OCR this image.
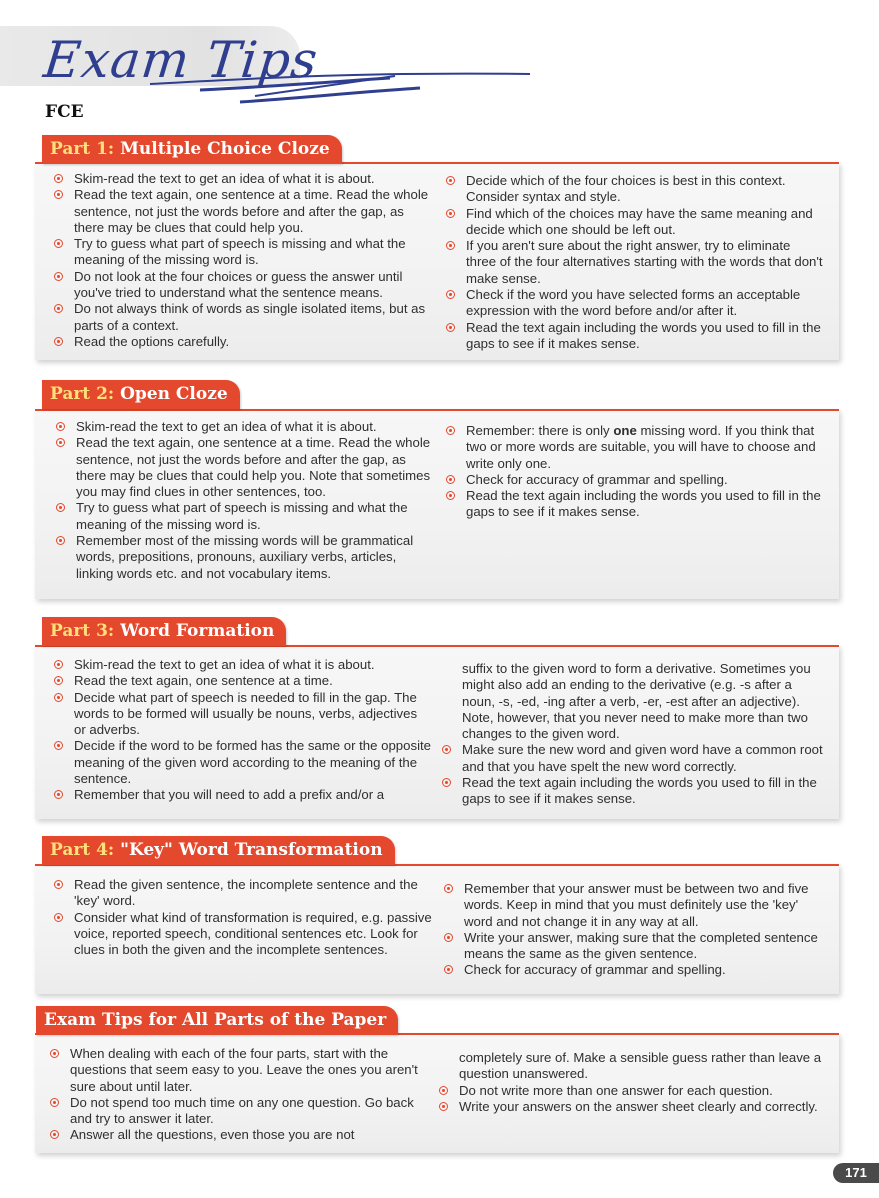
Exam Tips
FCE
Part 1: Multiple Choice Cloze
Skim-read the text to get an idea of what it is about.
Read the text again, one sentence at a time. Read the whole sentence, not just the words before and after the gap, as there may be clues that could help you.
Try to guess what part of speech is missing and what the meaning of the missing word is.
Do not look at the four choices or guess the answer until you've tried to understand what the sentence means.
Do not always think of words as single isolated items, but as parts of a context.
Read the options carefully.
Decide which of the four choices is best in this context. Consider syntax and style.
Find which of the choices may have the same meaning and decide which one should be left out.
If you aren't sure about the right answer, try to eliminate three of the four alternatives starting with the words that don't make sense.
Check if the word you have selected forms an acceptable expression with the word before and/or after it.
Read the text again including the words you used to fill in the gaps to see if it makes sense.
Part 2: Open Cloze
Skim-read the text to get an idea of what it is about.
Read the text again, one sentence at a time. Read the whole sentence, not just the words before and after the gap, as there may be clues that could help you. Note that sometimes you may find clues in other sentences, too.
Try to guess what part of speech is missing and what the meaning of the missing word is.
Remember most of the missing words will be grammatical words, prepositions, pronouns, auxiliary verbs, articles, linking words etc. and not vocabulary items.
Remember: there is only one missing word. If you think that two or more words are suitable, you will have to choose and write only one.
Check for accuracy of grammar and spelling.
Read the text again including the words you used to fill in the gaps to see if it makes sense.
Part 3: Word Formation
Skim-read the text to get an idea of what it is about.
Read the text again, one sentence at a time.
Decide what part of speech is needed to fill in the gap. The words to be formed will usually be nouns, verbs, adjectives or adverbs.
Decide if the word to be formed has the same or the opposite meaning of the given word according to the meaning of the sentence.
Remember that you will need to add a prefix and/or a
suffix to the given word to form a derivative. Sometimes you might also add an ending to the derivative (e.g. -s after a noun, -s, -ed, -ing after a verb, -er, -est after an adjective). Note, however, that you never need to make more than two changes to the given word.
Make sure the new word and given word have a common root and that you have spelt the new word correctly.
Read the text again including the words you used to fill in the gaps to see if it makes sense.
Part 4: "Key" Word Transformation
Read the given sentence, the incomplete sentence and the 'key' word.
Consider what kind of transformation is required, e.g. passive voice, reported speech, conditional sentences etc. Look for clues in both the given and the incomplete sentences.
Remember that your answer must be between two and five words. Keep in mind that you must definitely use the 'key' word and not change it in any way at all.
Write your answer, making sure that the completed sentence means the same as the given sentence.
Check for accuracy of grammar and spelling.
Exam Tips for All Parts of the Paper
When dealing with each of the four parts, start with the questions that seem easy to you. Leave the ones you aren't sure about until later.
Do not spend too much time on any one question. Go back and try to answer it later.
Answer all the questions, even those you are not
completely sure of. Make a sensible guess rather than leave a question unanswered.
Do not write more than one answer for each question.
Write your answers on the answer sheet clearly and correctly.
171
